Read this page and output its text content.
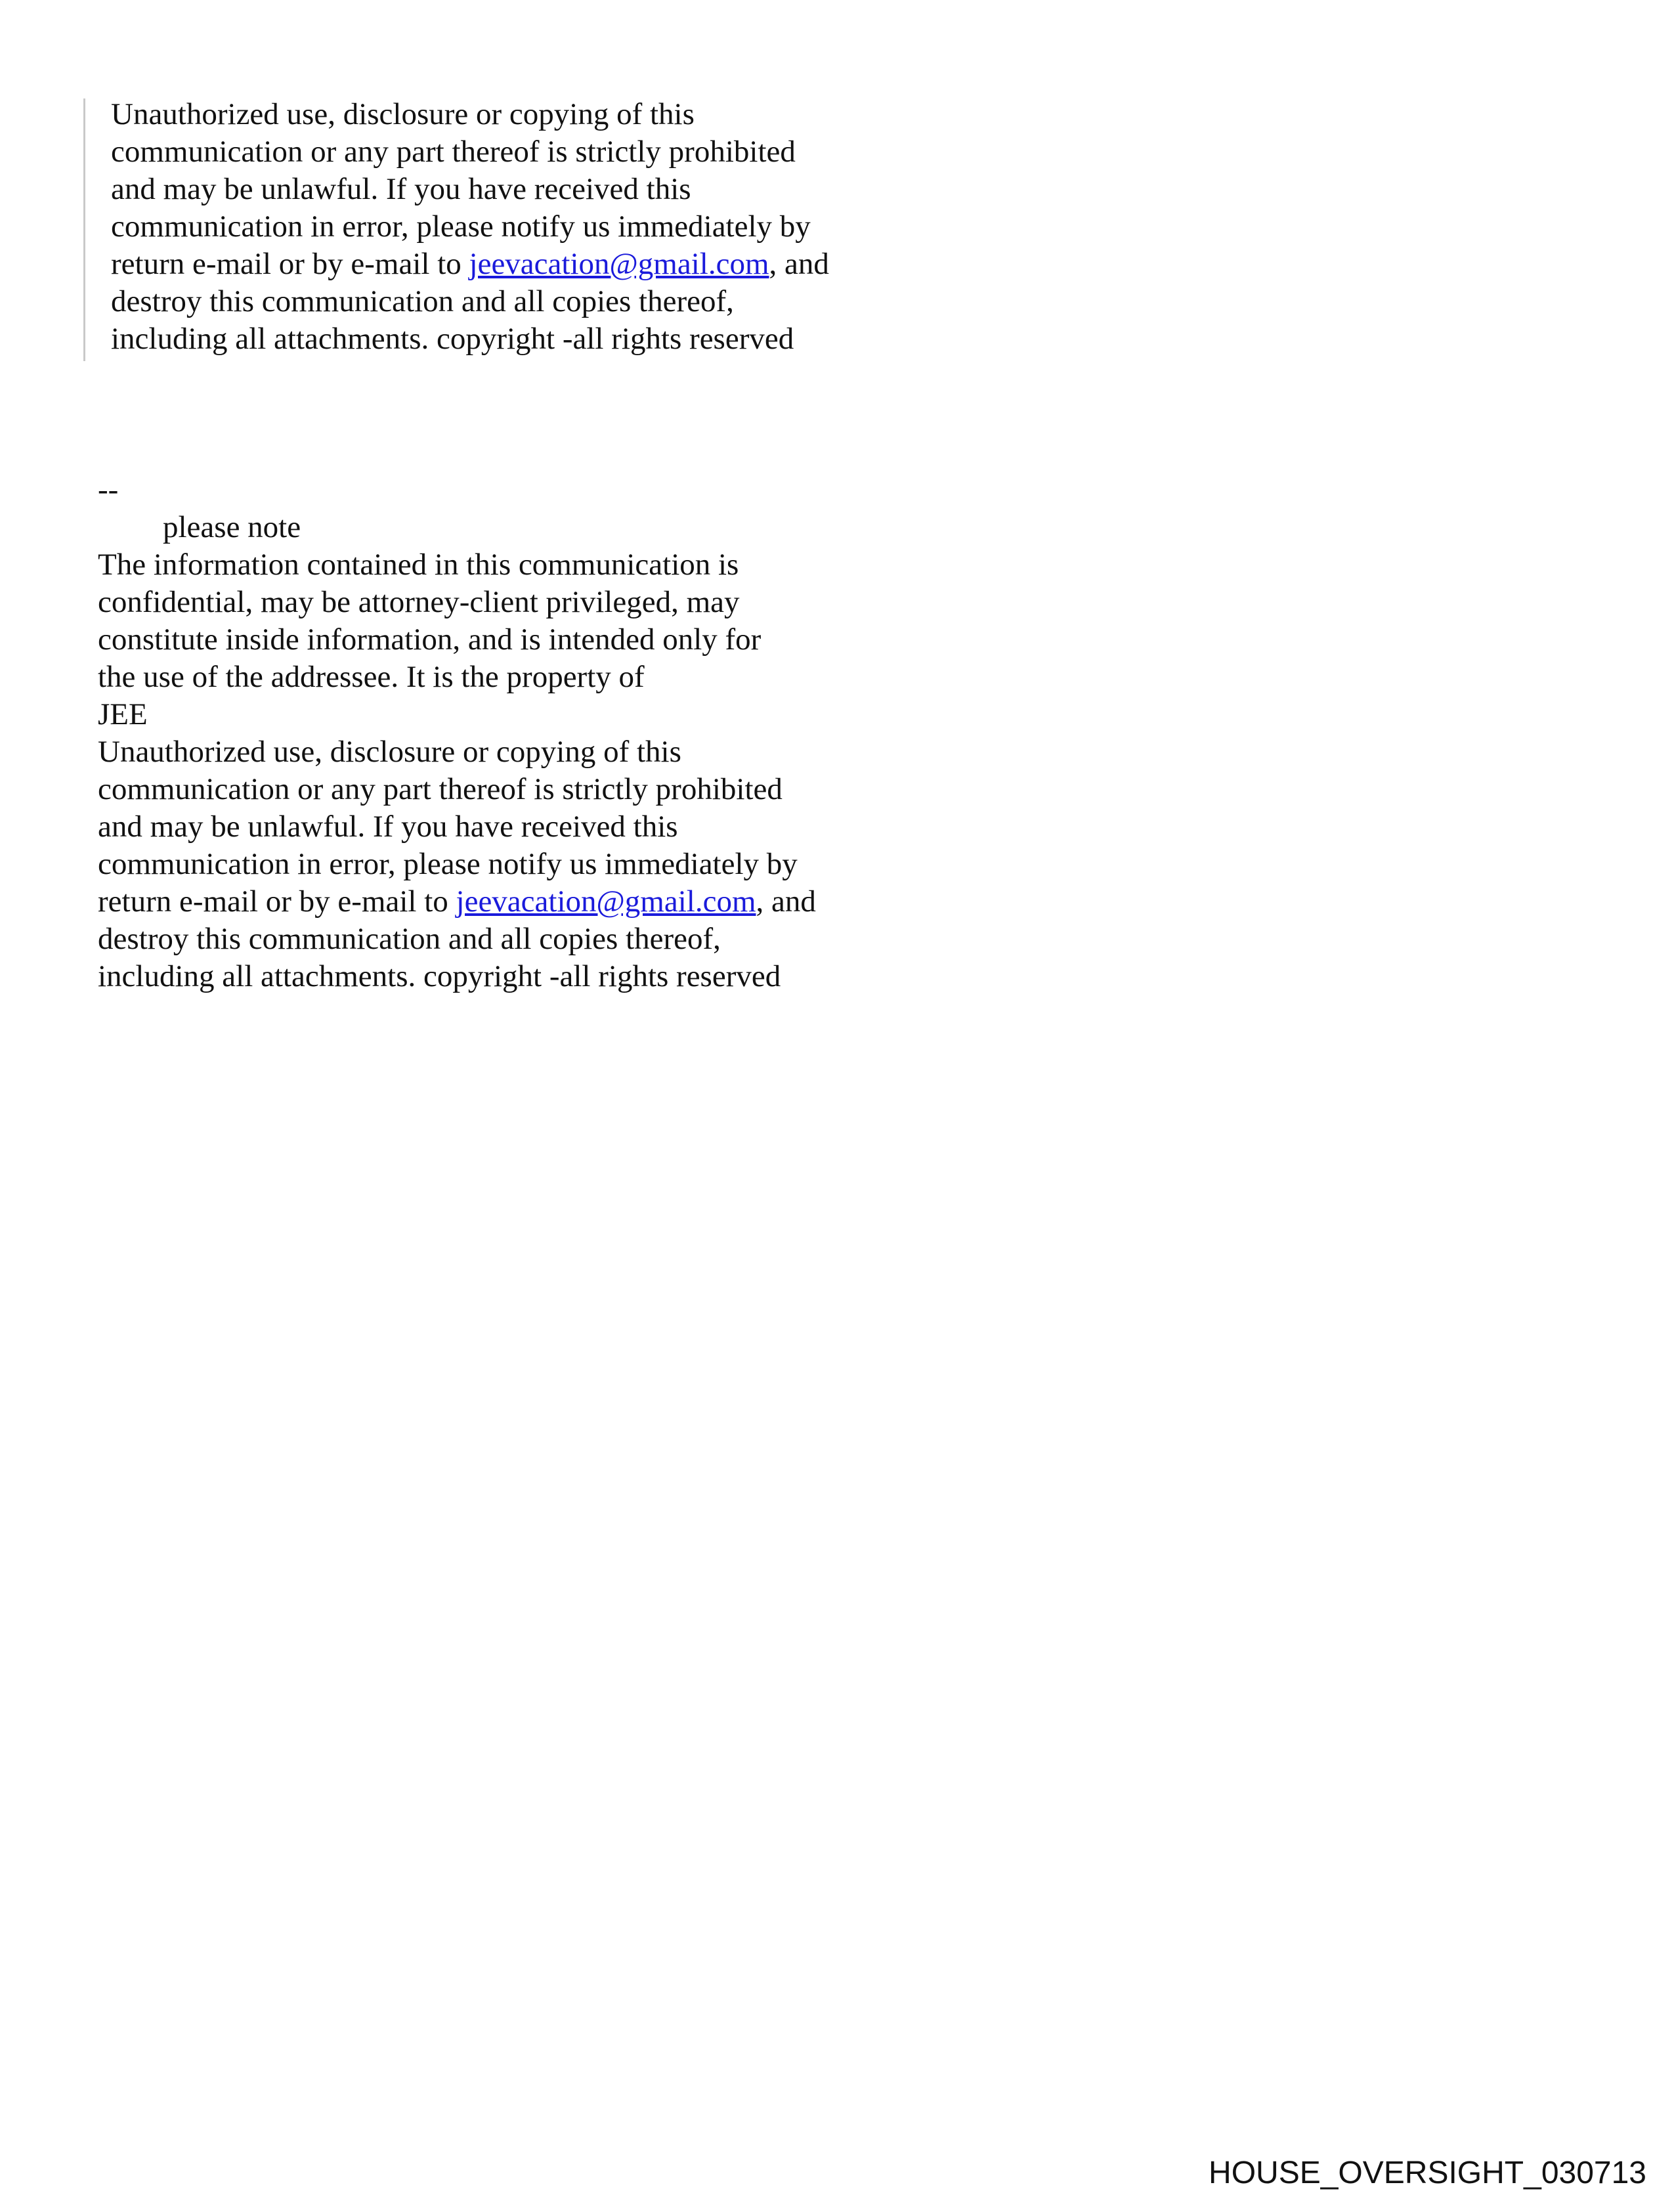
Unauthorized use, disclosure or copying of this
communication or any part thereof is strictly prohibited
and may be unlawful. If you have received this
communication in error, please notify us immediately by
return e-mail or by e-mail to jeevacation@gmail.com, and
destroy this communication and all copies thereof,
including all attachments. copyright -all rights reserved
--
please note
The information contained in this communication is
confidential, may be attorney-client privileged, may
constitute inside information, and is intended only for
the use of the addressee. It is the property of
JEE
Unauthorized use, disclosure or copying of this
communication or any part thereof is strictly prohibited
and may be unlawful. If you have received this
communication in error, please notify us immediately by
return e-mail or by e-mail to jeevacation@gmail.com, and
destroy this communication and all copies thereof,
including all attachments. copyright -all rights reserved
HOUSE_OVERSIGHT_030713
